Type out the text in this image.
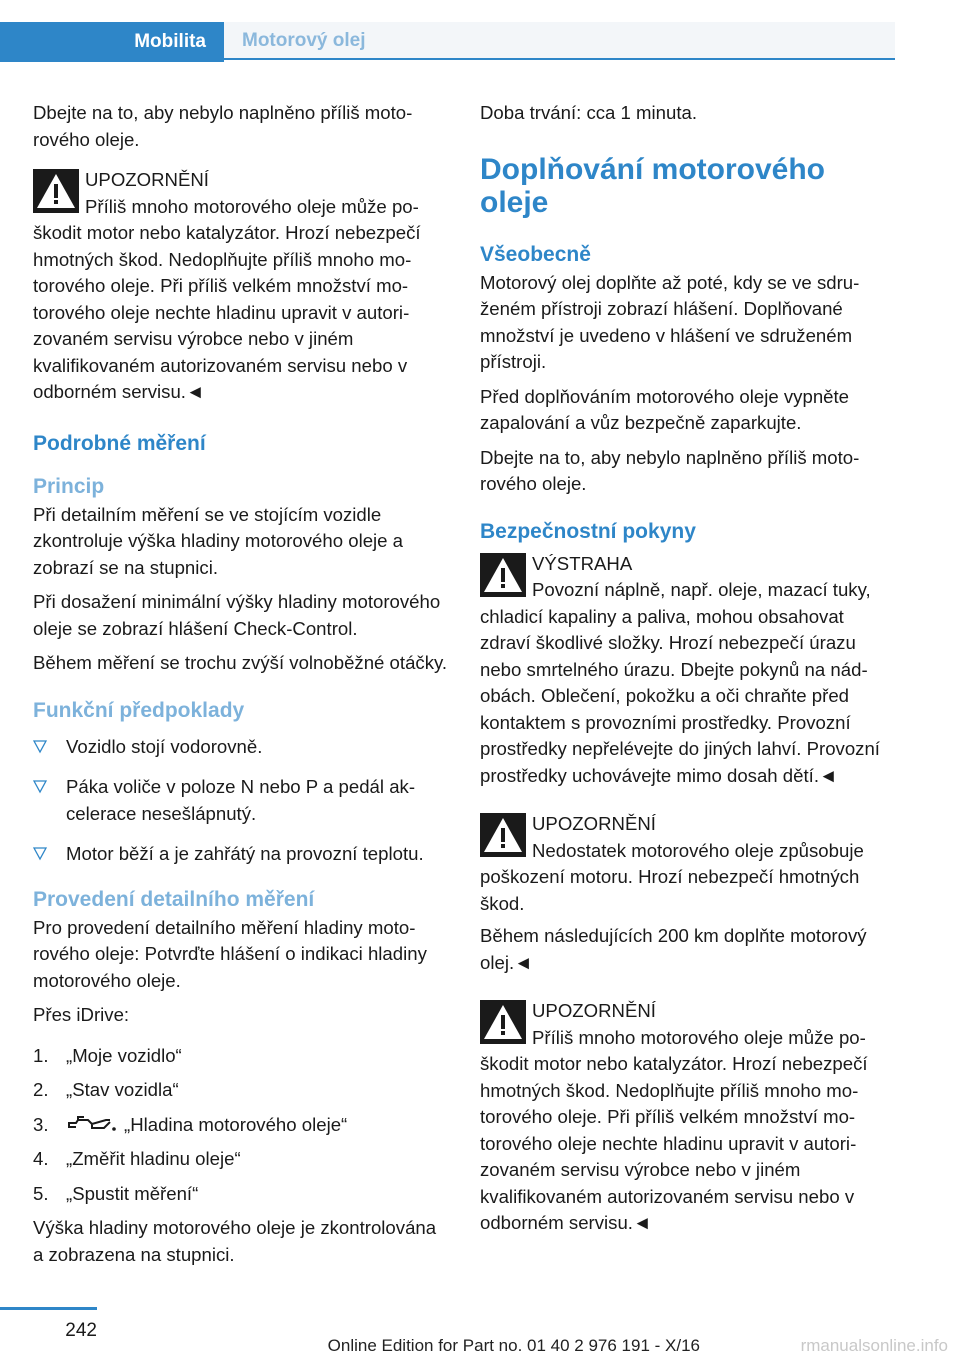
Mobilita	Motorový olej

Dbejte na to, aby nebylo naplněno příliš motorového oleje.

UPOZORNĚNÍ
Příliš mnoho motorového oleje může poškodit motor nebo katalyzátor. Hrozí nebezpečí hmotných škod. Nedoplňujte příliš mnoho motorového oleje. Při příliš velkém množství motorového oleje nechte hladinu upravit v autorizovaném servisu výrobce nebo v jiném kvalifikovaném autorizovaném servisu nebo v odborném servisu.◄
Podrobné měření
Princip

Při detailním měření se ve stojícím vozidle zkontroluje výška hladiny motorového oleje a zobrazí se na stupnici.

Při dosažení minimální výšky hladiny motorového oleje se zobrazí hlášení Check-Control.

Během měření se trochu zvýší volnoběžné otáčky.

Funkční předpoklady
Vozidlo stojí vodorovně.
Páka voliče v poloze N nebo P a pedál akcelerace nesešlápnutý.
Motor běží a je zahřátý na provozní teplotu.
Provedení detailního měření

Pro provedení detailního měření hladiny motorového oleje: Potvrďte hlášení o indikaci hladiny motorového oleje.

Přes iDrive:

1. „Moje vozidlo“
2. „Stav vozidla“
3.	„Hladina motorového oleje“
4. „Změřit hladinu oleje“
5. „Spustit měření“

Výška hladiny motorového oleje je zkontrolována a zobrazena na stupnici.

Doba trvání: cca 1 minuta.

Doplňování motorového oleje
Všeobecně

Motorový olej doplňte až poté, kdy se ve sdruženém přístroji zobrazí hlášení. Doplňované množství je uvedeno v hlášení ve sdruženém přístroji.

Před doplňováním motorového oleje vypněte zapalování a vůz bezpečně zaparkujte.

Dbejte na to, aby nebylo naplněno příliš motorového oleje.

Bezpečnostní pokyny
VÝSTRAHA
Povozní náplně, např. oleje, mazací tuky, chladicí kapaliny a paliva, mohou obsahovat zdraví škodlivé složky. Hrozí nebezpečí úrazu nebo smrtelného úrazu. Dbejte pokynů na nádobách. Oblečení, pokožku a oči chraňte před kontaktem s provozními prostředky. Provozní prostředky nepřelévejte do jiných lahví. Provozní prostředky uchovávejte mimo dosah dětí.◄
UPOZORNĚNÍ
Nedostatek motorového oleje způsobuje poškození motoru. Hrozí nebezpečí hmotných škod.

Během následujících 200 km doplňte motorový olej.◄

UPOZORNĚNÍ
Příliš mnoho motorového oleje může poškodit motor nebo katalyzátor. Hrozí nebezpečí hmotných škod. Nedoplňujte příliš mnoho motorového oleje. Při příliš velkém množství motorového oleje nechte hladinu upravit v autorizovaném servisu výrobce nebo v jiném kvalifikovaném autorizovaném servisu nebo v odborném servisu.◄
242
Online Edition for Part no. 01 40 2 976 191 - X/16	rmanualsonline.info
